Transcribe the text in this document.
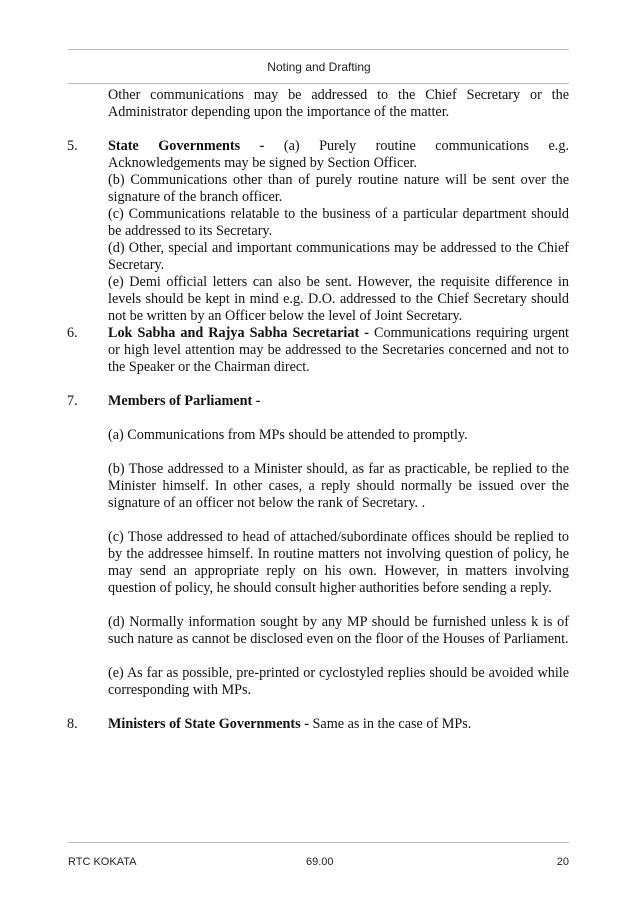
Noting and Drafting
Other communications may be addressed to the Chief Secretary or the Administrator depending upon the importance of the matter.
5. State Governments - (a) Purely routine communications e.g. Acknowledgements may be signed by Section Officer.
(b) Communications other than of purely routine nature will be sent over the signature of the branch officer.
(c) Communications relatable to the business of a particular department should be addressed to its Secretary.
(d) Other, special and important communications may be addressed to the Chief Secretary.
(e) Demi official letters can also be sent. However, the requisite difference in levels should be kept in mind e.g. D.O. addressed to the Chief Secretary should not be written by an Officer below the level of Joint Secretary.
6. Lok Sabha and Rajya Sabha Secretariat - Communications requiring urgent or high level attention may be addressed to the Secretaries concerned and not to the Speaker or the Chairman direct.
7. Members of Parliament -
(a) Communications from MPs should be attended to promptly.
(b) Those addressed to a Minister should, as far as practicable, be replied to the Minister himself. In other cases, a reply should normally be issued over the signature of an officer not below the rank of Secretary. .
(c) Those addressed to head of attached/subordinate offices should be replied to by the addressee himself. In routine matters not involving question of policy, he may send an appropriate reply on his own. However, in matters involving question of policy, he should consult higher authorities before sending a reply.
(d) Normally information sought by any MP should be furnished unless k is of such nature as cannot be disclosed even on the floor of the Houses of Parliament.
(e) As far as possible, pre-printed or cyclostyled replies should be avoided while corresponding with MPs.
8. Ministers of State Governments - Same as in the case of MPs.
RTC KOKATA	69.00	20
